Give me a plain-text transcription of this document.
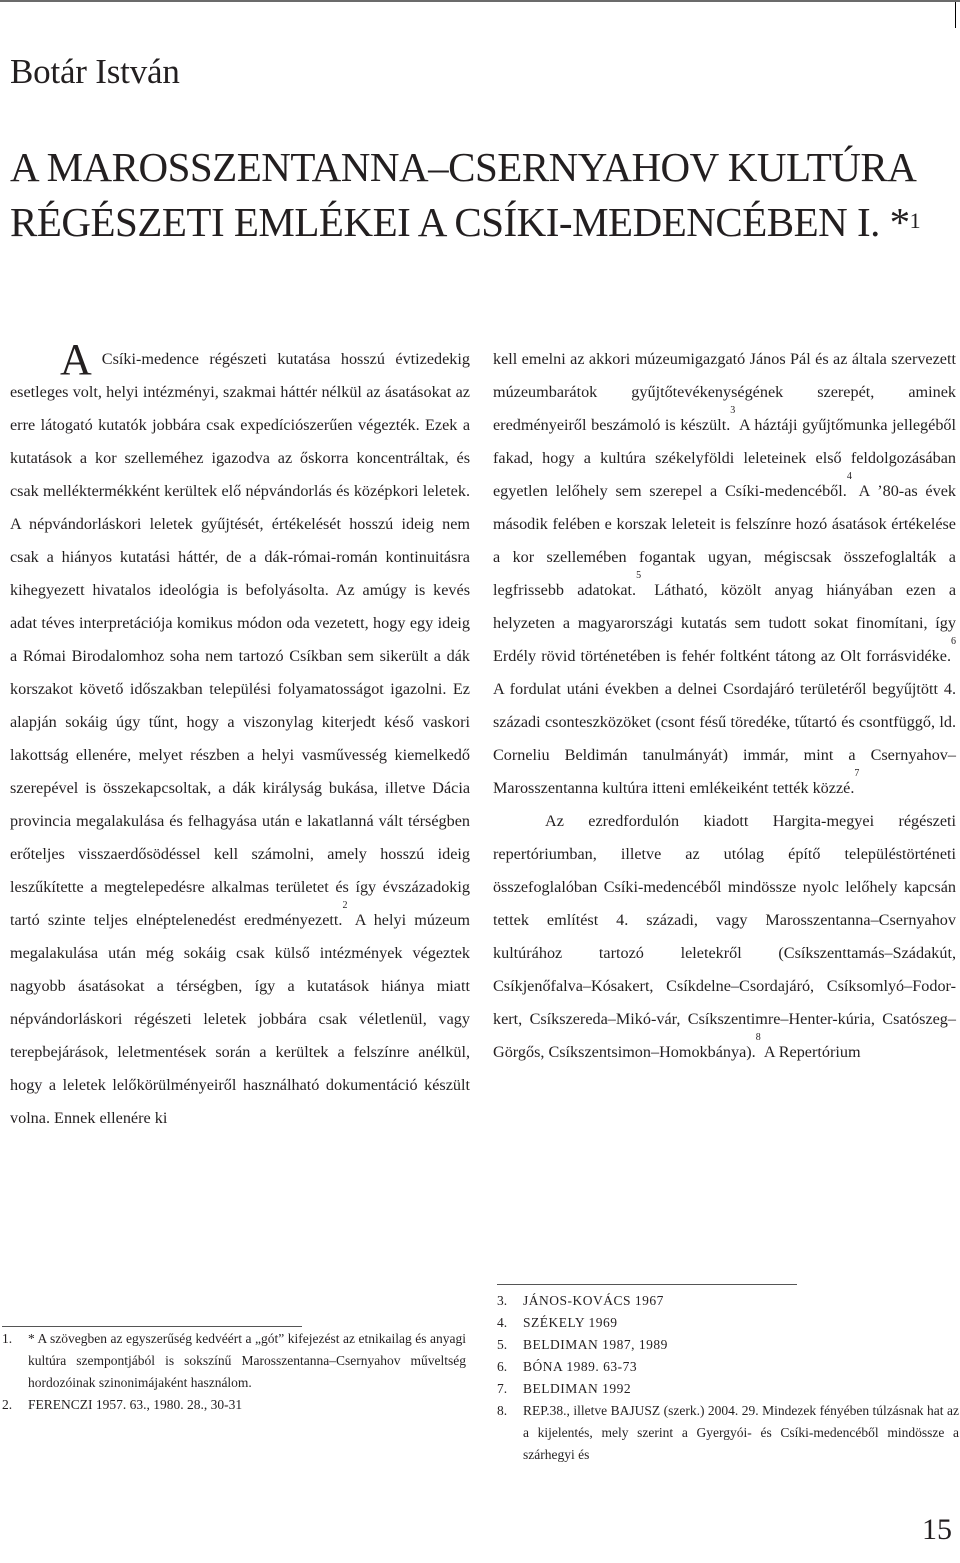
Botár István
A MAROSSZENTANNA–CSERNYAHOV KULTÚRA
RÉGÉSZETI EMLÉKEI A CSÍKI-MEDENCÉBEN I. *$^1$

A Csíki-medence régészeti kutatása hosszú évtizedekig esetleges volt, helyi intézményi, szakmai háttér nélkül az ásatásokat az erre látogató kutatók jobbára csak expedíciószerűen végezték. Ezek a kutatások a kor szelleméhez igazodva az őskorra koncentráltak, és csak melléktermékként kerültek elő népvándorlás és középkori leletek. A népvándorláskori leletek gyűjtését, értékelését hosszú ideig nem csak a hiányos kutatási háttér, de a dák-római-román kontinuitásra kihegyezett hivatalos ideológia is befolyásolta. Az amúgy is kevés adat téves interpretációja komikus módon oda vezetett, hogy egy ideig a Római Birodalomhoz soha nem tartozó Csíkban sem sikerült a dák korszakot követő időszakban települési folyamatosságot igazolni. Ez alapján sokáig úgy tűnt, hogy a viszonylag kiterjedt késő vaskori lakottság ellenére, melyet részben a helyi vasművesség kiemelkedő szerepével is összekapcsoltak, a dák királyság bukása, illetve Dácia provincia megalakulása és felhagyása után e lakatlanná vált térségben erőteljes visszaerdősödéssel kell számolni, amely hosszú ideig leszűkítette a megtelepedésre alkalmas területet és így évszázadokig tartó szinte teljes elnéptelenedést eredményezett.$^2$ A helyi múzeum megalakulása után még sokáig csak külső intézmények végeztek nagyobb ásatásokat a térségben, így a kutatások hiánya miatt népvándorláskori régészeti leletek jobbára csak véletlenül, vagy terepbejárások, leletmentések során a kerültek a felszínre anélkül, hogy a leletek lelőkörülményeiről használható dokumentáció készült volna. Ennek ellenére ki

kell emelni az akkori múzeumigazgató János Pál és az általa szervezett múzeumbarátok gyűjtőtevékenységének szerepét, aminek eredményeiről beszámoló is készült.$^3$ A háztáji gyűjtőmunka jellegéből fakad, hogy a kultúra székelyföldi leleteinek első feldolgozásában egyetlen lelőhely sem szerepel a Csíki-medencéből.$^4$ A ’80-as évek második felében e korszak leleteit is felszínre hozó ásatások értékelése a kor szellemében fogantak ugyan, mégiscsak összefoglalták a legfrissebb adatokat.$^5$ Látható, közölt anyag hiányában ezen a helyzeten a magyarországi kutatás sem tudott sokat finomítani, így Erdély rövid történetében is fehér foltként tátong az Olt forrásvidéke.$^6$ A fordulat utáni években a delnei Csordajáró területéről begyűjtött 4. századi csonteszközöket (csont fésű töredéke, tűtartó és csontfüggő, ld. Corneliu Beldimán tanulmányát) immár, mint a Csernyahov–Marosszentanna kultúra itteni emlékeiként tették közzé.$^7$

Az ezredfordulón kiadott Hargita-megyei régészeti repertóriumban, illetve az utólag építő településtörténeti összefoglalóban Csíki-medencéből mindössze nyolc lelőhely kapcsán tettek említést 4. századi, vagy Marosszentanna–Csernyahov kultúrához tartozó leletekről (Csíkszenttamás–Szádakút, Csíkjenőfalva–Kósakert, Csíkdelne–Csordajáró, Csíksomlyó–Fodor-kert, Csíkszereda–Mikó-vár, Csíkszentimre–Henter-kúria, Csatószeg–Görgős, Csíkszentsimon–Homokbánya).$^8$ A Repertórium

1.	* A szövegben az egyszerűség kedvéért a „gót” kifejezést az etnikailag és anyagi kultúra szempontjából is sokszínű Marosszentanna–Csernyahov műveltség hordozóinak szinonimájaként használom.
2.	FERENCZI 1957. 63., 1980. 28., 30-31
3.	JÁNOS-KOVÁCS 1967
4.	SZÉKELY 1969
5.	BELDIMAN 1987, 1989
6.	BÓNA 1989. 63-73
7.	BELDIMAN 1992
8.	REP.38., illetve BAJUSZ (szerk.) 2004. 29. Mindezek fényében túlzásnak hat az a kijelentés, mely szerint a Gyergyói- és Csíki-medencéből mindössze a szárhegyi és
15
